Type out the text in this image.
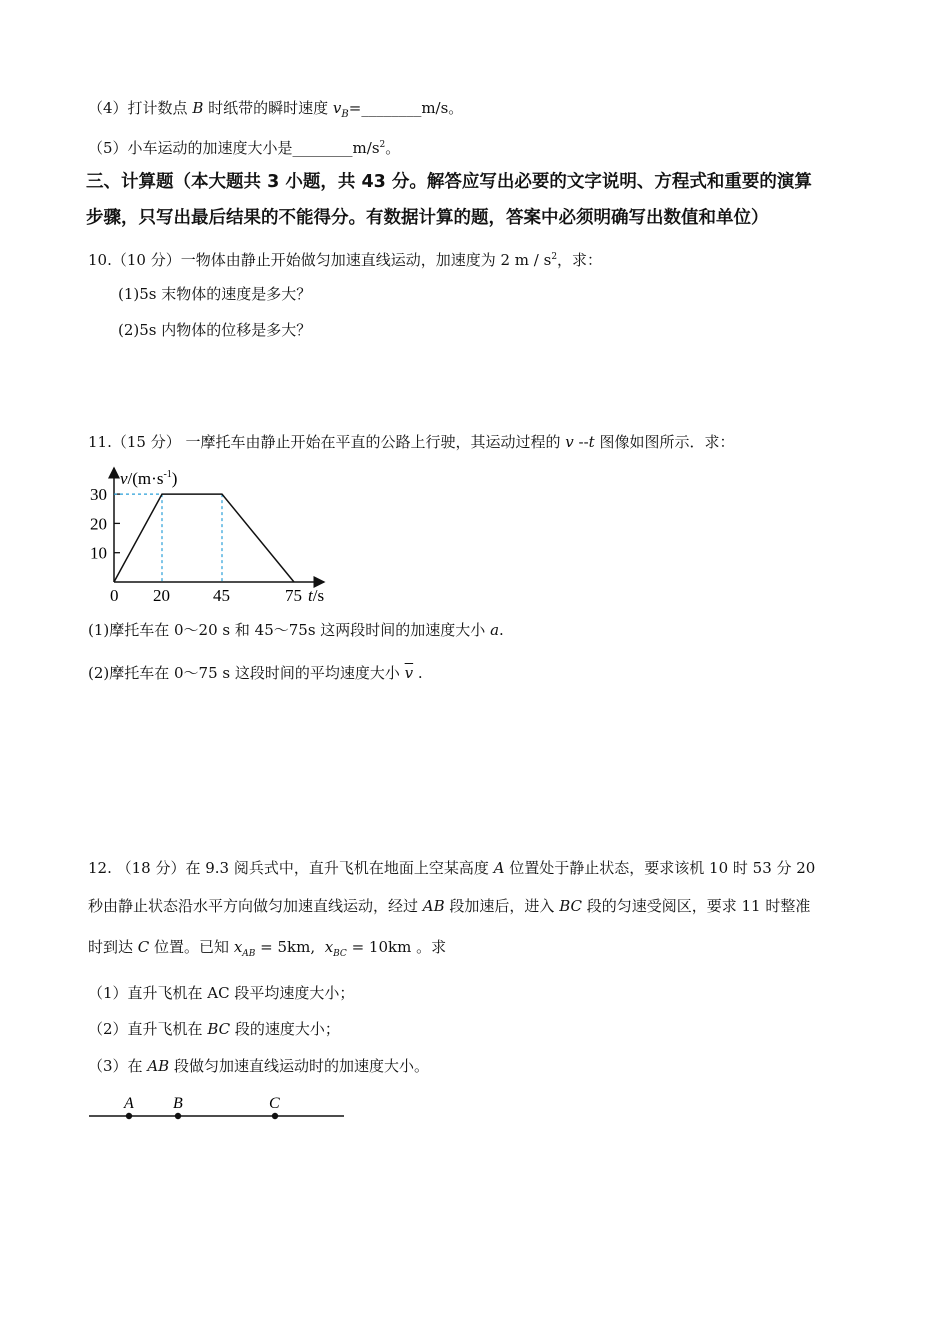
（4）打计数点 B 时纸带的瞬时速度 $v_B=\_\_\_\_\_\_\_\_m/s$。
（5）小车运动的加速度大小是$\_\_\_\_\_\_\_\_m/s^2$。
三、计算题（本大题共 3 小题，共 43 分。解答应写出必要的文字说明、方程式和重要的演算
步骤，只写出最后结果的不能得分。有数据计算的题，答案中必须明确写出数值和单位）
10.（10 分）一物体由静止开始做匀加速直线运动，加速度为 2 m / $s^2$，求：
(1)5s 末物体的速度是多大？
(2)5s 内物体的位移是多大？
11.（15 分） 一摩托车由静止开始在平直的公路上行驶，其运动过程的 v --t 图像如图所示．求：
$v/(m\cdot s^{-1})$
t/s
10
20
30
0 20	45	75
(1)摩托车在 0～20 s 和 45～75s 这两段时间的加速度大小 a.
(2)摩托车在 0～75 s 这段时间的平均速度大小 $\overline{v}$ .
12. （18 分）在 9.3 阅兵式中，直升飞机在地面上空某高度 A 位置处于静止状态，要求该机 10 时 53 分 20
秒由静止状态沿水平方向做匀加速直线运动，经过 AB 段加速后，进入 BC 段的匀速受阅区，要求 11 时整准
时到达 C 位置。已知 $x_{AB} = 5km$, $x_{BC} = 10km$ 。求
（1）直升飞机在 AC 段平均速度大小；
（2）直升飞机在 BC 段的速度大小；
（3）在 AB 段做匀加速直线运动时的加速度大小。
A B	C
